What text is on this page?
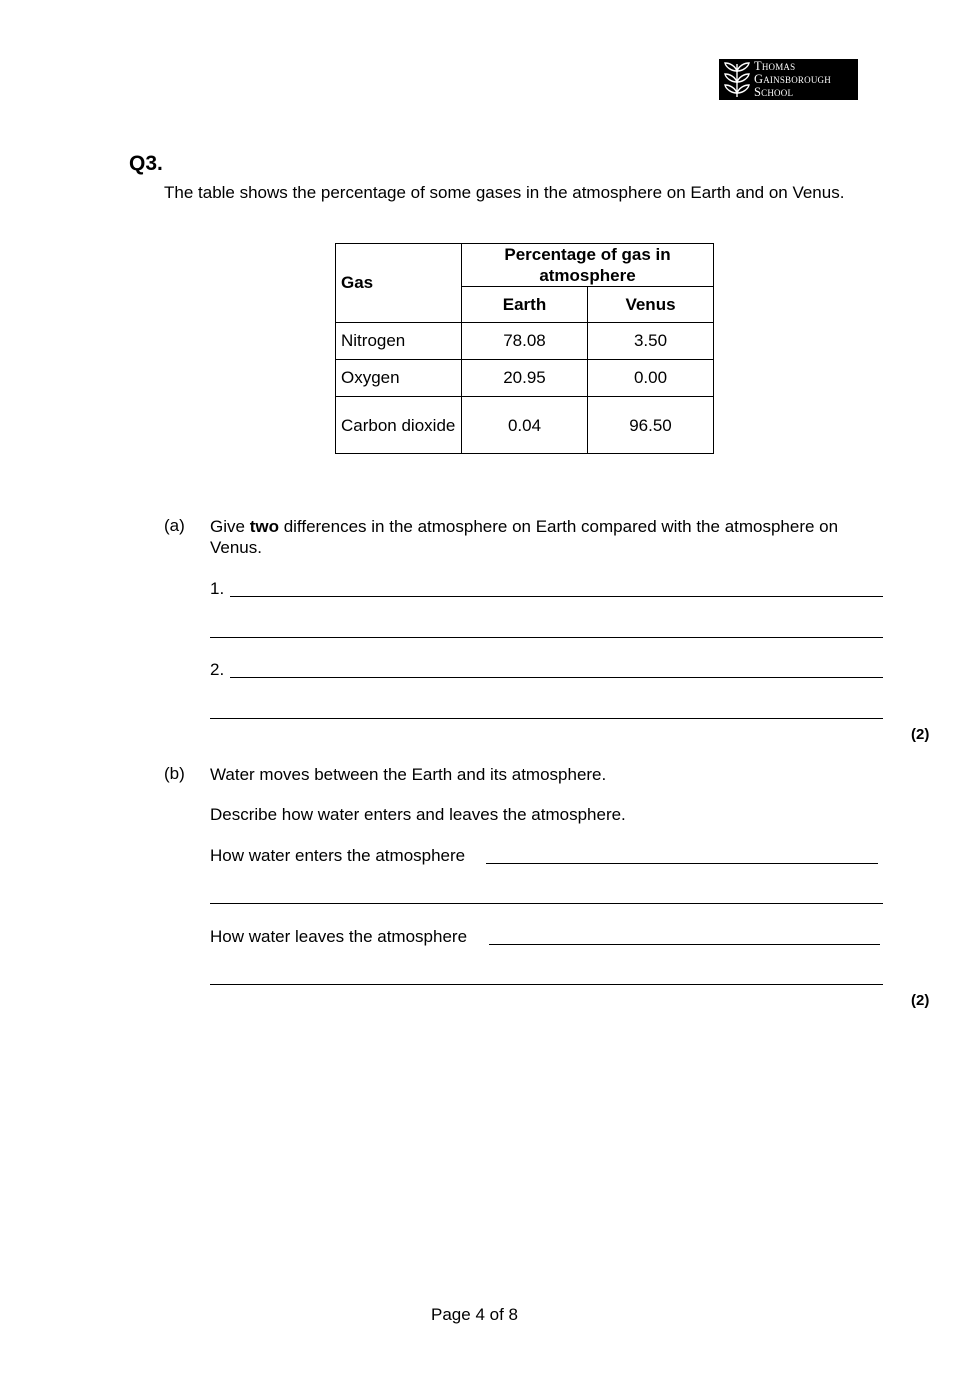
Thomas
Gainsborough
School
Q3.
The table shows the percentage of some gases in the atmosphere on Earth and on Venus.
Gas	Percentage of gas in atmosphere	
	Earth	Venus
Nitrogen	78.08	3.50
Oxygen	20.95	0.00
Carbon dioxide	0.04	96.50
(a) Give two differences in the atmosphere on Earth compared with the atmosphere on Venus.
1.
2.
(2)
(b) Water moves between the Earth and its atmosphere.
Describe how water enters and leaves the atmosphere.
How water enters the atmosphere
How water leaves the atmosphere
(2)
Page 4 of 8
